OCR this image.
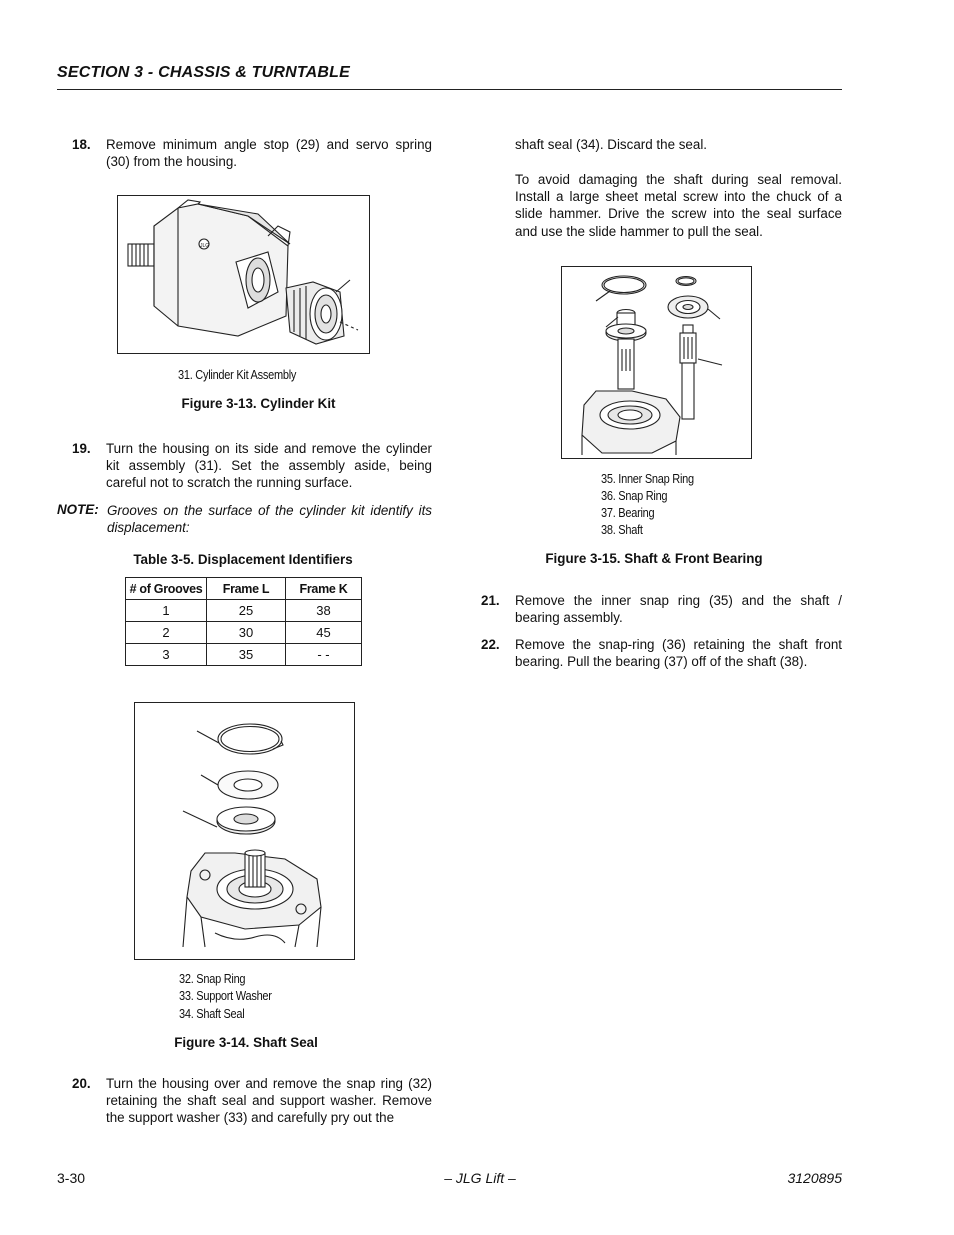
SECTION 3 - CHASSIS & TURNTABLE
18. Remove minimum angle stop (29) and servo spring (30) from the housing.
JLG
31. Cylinder Kit Assembly
Figure 3-13. Cylinder Kit
19. Turn the housing on its side and remove the cylinder kit assembly (31). Set the assembly aside, being careful not to scratch the running surface.
NOTE: Grooves on the surface of the cylinder kit identify its displacement:
Table 3-5. Displacement Identifiers
# of Grooves	Frame L	Frame K
1	25	38
2	30	45
3	35	- -
32. Snap Ring
33. Support Washer
34. Shaft Seal
Figure 3-14. Shaft Seal
20. Turn the housing over and remove the snap ring (32) retaining the shaft seal and support washer. Remove the support washer (33) and carefully pry out the
shaft seal (34). Discard the seal.
To avoid damaging the shaft during seal removal. Install a large sheet metal screw into the chuck of a slide hammer. Drive the screw into the seal surface and use the slide hammer to pull the seal.
35. Inner Snap Ring
36. Snap Ring
37. Bearing
38. Shaft
Figure 3-15. Shaft & Front Bearing
21. Remove the inner snap ring (35) and the shaft / bearing assembly.
22. Remove the snap-ring (36) retaining the shaft front bearing. Pull the bearing (37) off of the shaft (38).
3-30	– JLG Lift –	3120895
